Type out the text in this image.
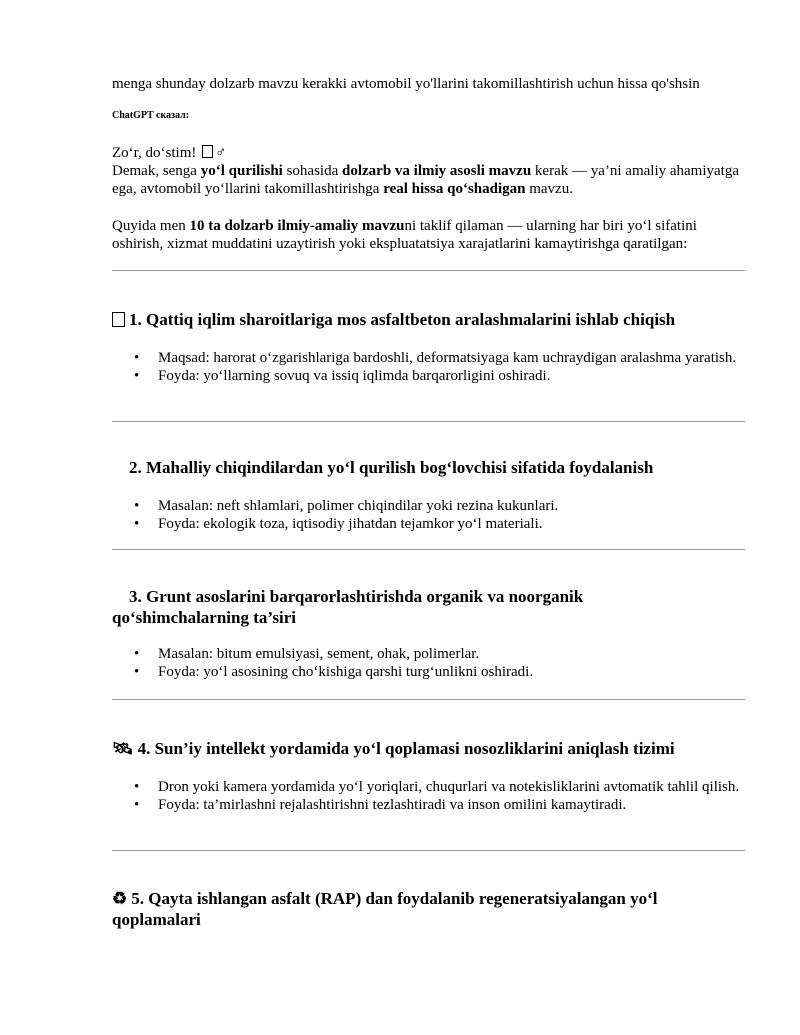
menga shunday dolzarb mavzu kerakki avtomobil yo'llarini takomillashtirish uchun hissa qo'shsin

ChatGPT сказал:

Zo‘r, do‘stim! ♂

Demak, senga yo‘l qurilishi sohasida dolzarb va ilmiy asosli mavzu kerak — ya’ni amaliy ahamiyatga ega, avtomobil yo‘llarini takomillashtirishga real hissa qo‘shadigan mavzu.

Quyida men 10 ta dolzarb ilmiy-amaliy mavzuni taklif qilaman — ularning har biri yo‘l sifatini oshirish, xizmat muddatini uzaytirish yoki ekspluatatsiya xarajatlarini kamaytirishga qaratilgan:

1. Qattiq iqlim sharoitlariga mos asfaltbeton aralashmalarini ishlab chiqish
• Maqsad: harorat o‘zgarishlariga bardoshli, deformatsiyaga kam uchraydigan aralashma yaratish.
• Foyda: yo‘llarning sovuq va issiq iqlimda barqarorligini oshiradi.
2. Mahalliy chiqindilardan yo‘l qurilish bog‘lovchisi sifatida foydalanish
• Masalan: neft shlamlari, polimer chiqindilar yoki rezina kukunlari.
• Foyda: ekologik toza, iqtisodiy jihatdan tejamkor yo‘l materiali.
3. Grunt asoslarini barqarorlashtirishda organik va noorganik
qo‘shimchalarning ta’siri
• Masalan: bitum emulsiyasi, sement, ohak, polimerlar.
• Foyda: yo‘l asosining cho‘kishiga qarshi turg‘unlikni oshiradi.
🛰 4. Sun’iy intellekt yordamida yo‘l qoplamasi nosozliklarini aniqlash tizimi
• Dron yoki kamera yordamida yo‘l yoriqlari, chuqurlari va notekisliklarini avtomatik tahlil qilish.
• Foyda: ta’mirlashni rejalashtirishni tezlashtiradi va inson omilini kamaytiradi.
♻ 5. Qayta ishlangan asfalt (RAP) dan foydalanib regeneratsiyalangan yo‘l
qoplamalari
